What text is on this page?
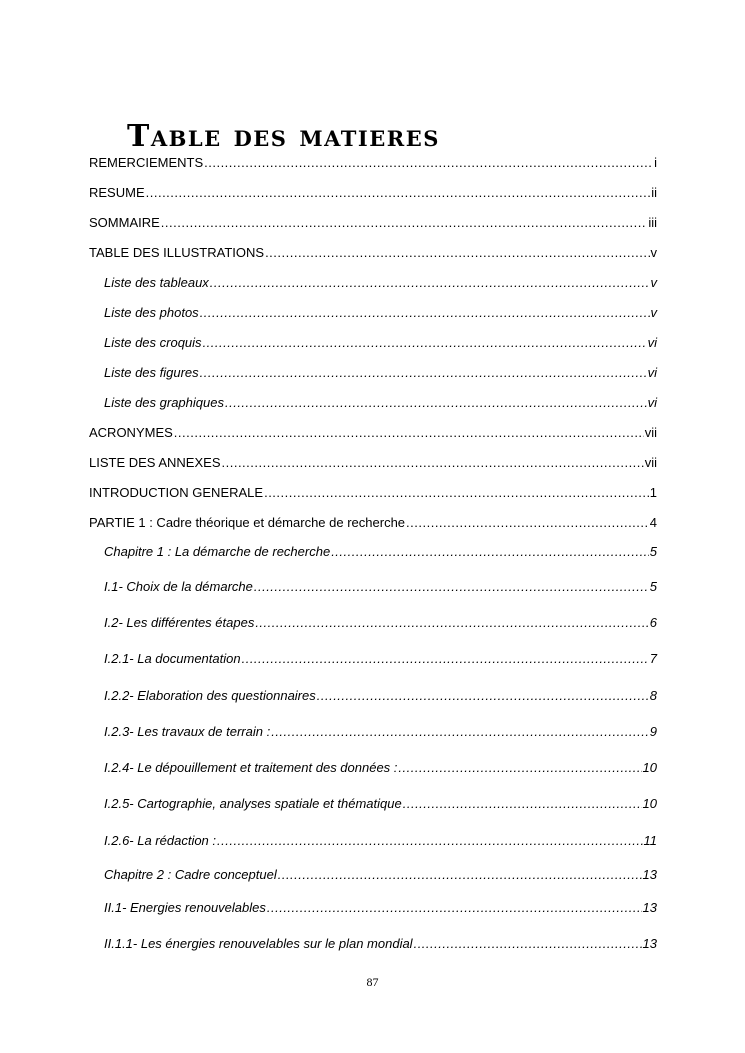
Table des matieres
REMERCIEMENTS .....	i
RESUME .....	ii
SOMMAIRE .....	iii
TABLE DES ILLUSTRATIONS .....	v
Liste des tableaux .....	v
Liste des photos .....	v
Liste des croquis .....	vi
Liste des figures .....	vi
Liste des graphiques .....	vi
ACRONYMES .....	vii
LISTE DES ANNEXES .....	vii
INTRODUCTION GENERALE .....	1
PARTIE 1 : Cadre théorique et démarche de recherche .....	4
Chapitre 1 : La démarche de recherche .....	5
I.1- Choix de la démarche .....	5
I.2- Les différentes étapes .....	6
I.2.1- La documentation .....	7
I.2.2- Elaboration des questionnaires .....	8
I.2.3- Les travaux de terrain : .....	9
I.2.4- Le dépouillement et traitement des données : .....	10
I.2.5- Cartographie, analyses spatiale et thématique .....	10
I.2.6- La rédaction : .....	11
Chapitre 2 : Cadre conceptuel .....	13
II.1- Energies renouvelables .....	13
II.1.1- Les énergies renouvelables sur le plan mondial .....	13
87
